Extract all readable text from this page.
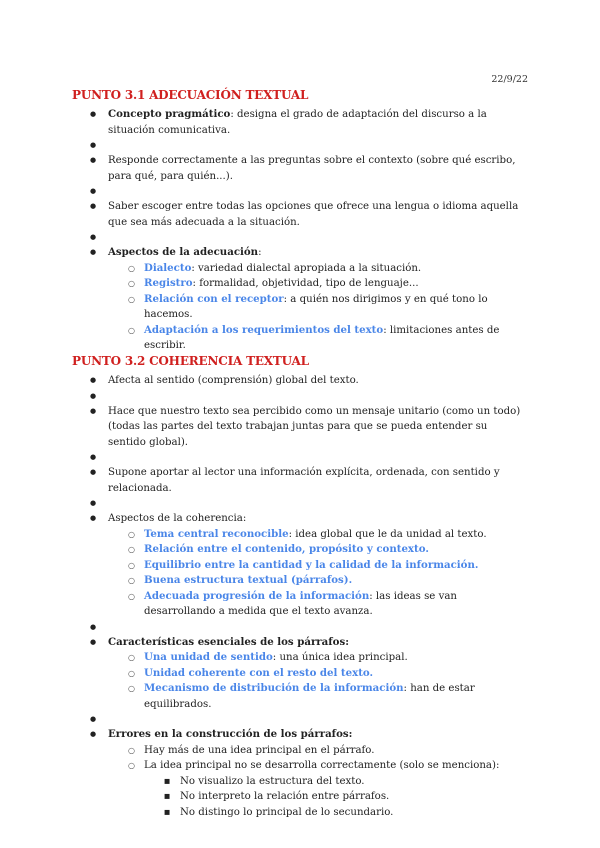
22/9/22
PUNTO 3.1 ADECUACIÓN TEXTUAL
● Concepto pragmático: designa el grado de adaptación del discurso a la situación comunicativa.
●
● Responde correctamente a las preguntas sobre el contexto (sobre qué escribo, para qué, para quién...).
●
● Saber escoger entre todas las opciones que ofrece una lengua o idioma aquella que sea más adecuada a la situación.
●
● Aspectos de la adecuación:
○ Dialecto: variedad dialectal apropiada a la situación.
○ Registro: formalidad, objetividad, tipo de lenguaje...
○ Relación con el receptor: a quién nos dirigimos y en qué tono lo hacemos.
○ Adaptación a los requerimientos del texto: limitaciones antes de escribir.
PUNTO 3.2 COHERENCIA TEXTUAL
● Afecta al sentido (comprensión) global del texto.
●
● Hace que nuestro texto sea percibido como un mensaje unitario (como un todo) (todas las partes del texto trabajan juntas para que se pueda entender su sentido global).
●
● Supone aportar al lector una información explícita, ordenada, con sentido y relacionada.
●
● Aspectos de la coherencia:
○ Tema central reconocible: idea global que le da unidad al texto.
○ Relación entre el contenido, propósito y contexto.
○ Equilibrio entre la cantidad y la calidad de la información.
○ Buena estructura textual (párrafos).
○ Adecuada progresión de la información: las ideas se van desarrollando a medida que el texto avanza.
●
● Características esenciales de los párrafos:
○ Una unidad de sentido: una única idea principal.
○ Unidad coherente con el resto del texto.
○ Mecanismo de distribución de la información: han de estar equilibrados.
●
● Errores en la construcción de los párrafos:
○ Hay más de una idea principal en el párrafo.
○ La idea principal no se desarrolla correctamente (solo se menciona):
■ No visualizo la estructura del texto.
■ No interpreto la relación entre párrafos.
■ No distingo lo principal de lo secundario.
